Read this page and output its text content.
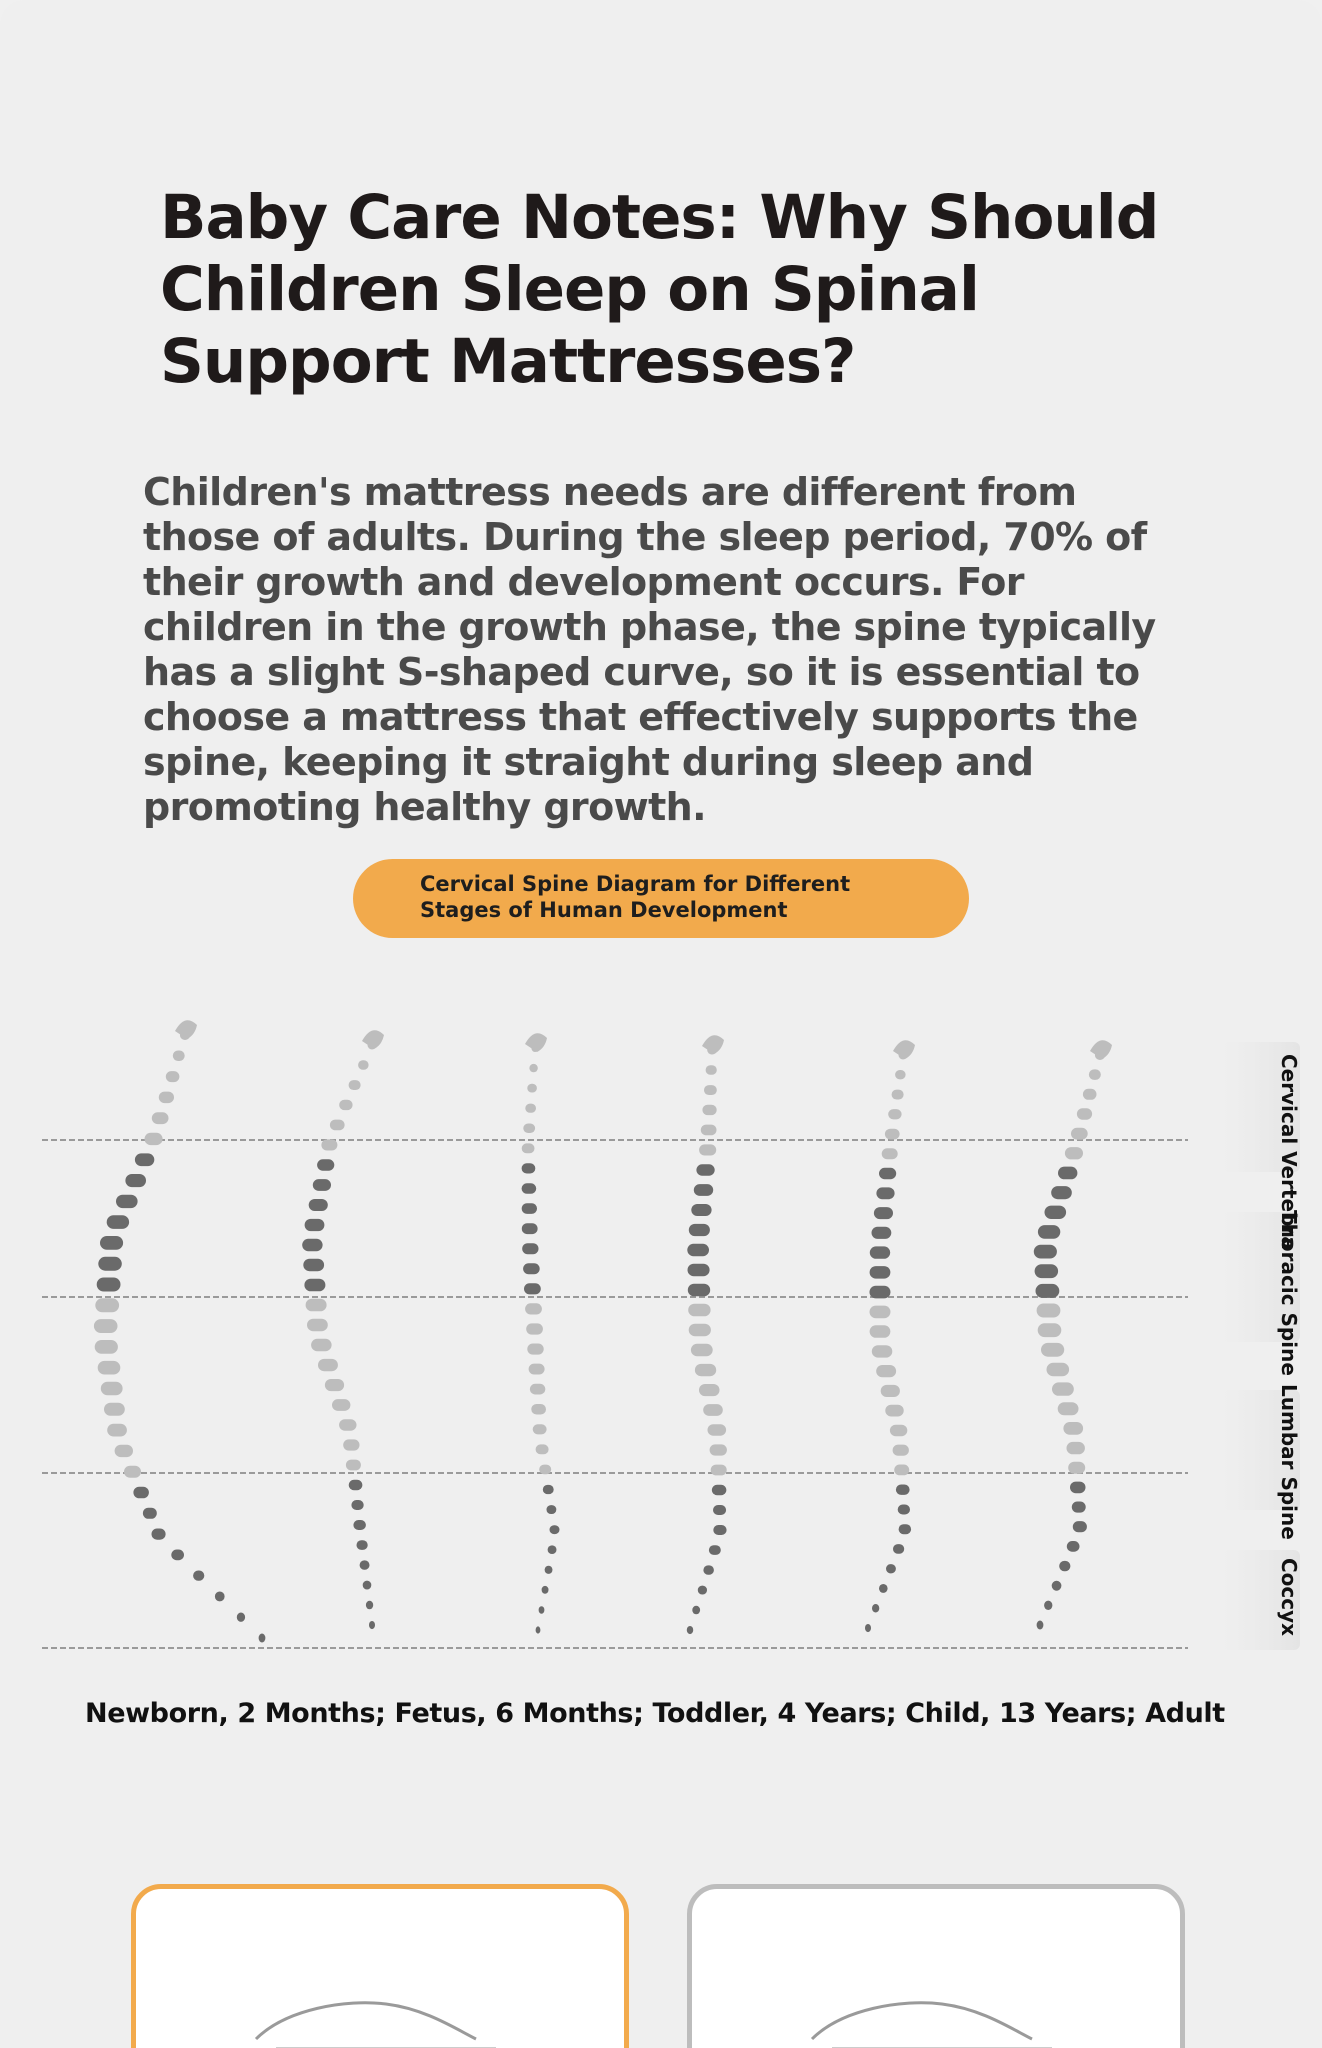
Baby Care Notes: Why Should Children Sleep on Spinal Support Mattresses?

Children's mattress needs are different from those of adults. During the sleep period, 70% of their growth and development occurs. For children in the growth phase, the spine typically has a slight S-shaped curve, so it is essential to choose a mattress that effectively supports the spine, keeping it straight during sleep and promoting healthy growth.

Cervical Spine Diagram for Different Stages of Human Development
Cervical Vertebra
Thoracic Spine
Lumbar Spine
Coccyx
Newborn, 2 Months; Fetus, 6 Months; Toddler, 4 Years; Child, 13 Years; Adult
